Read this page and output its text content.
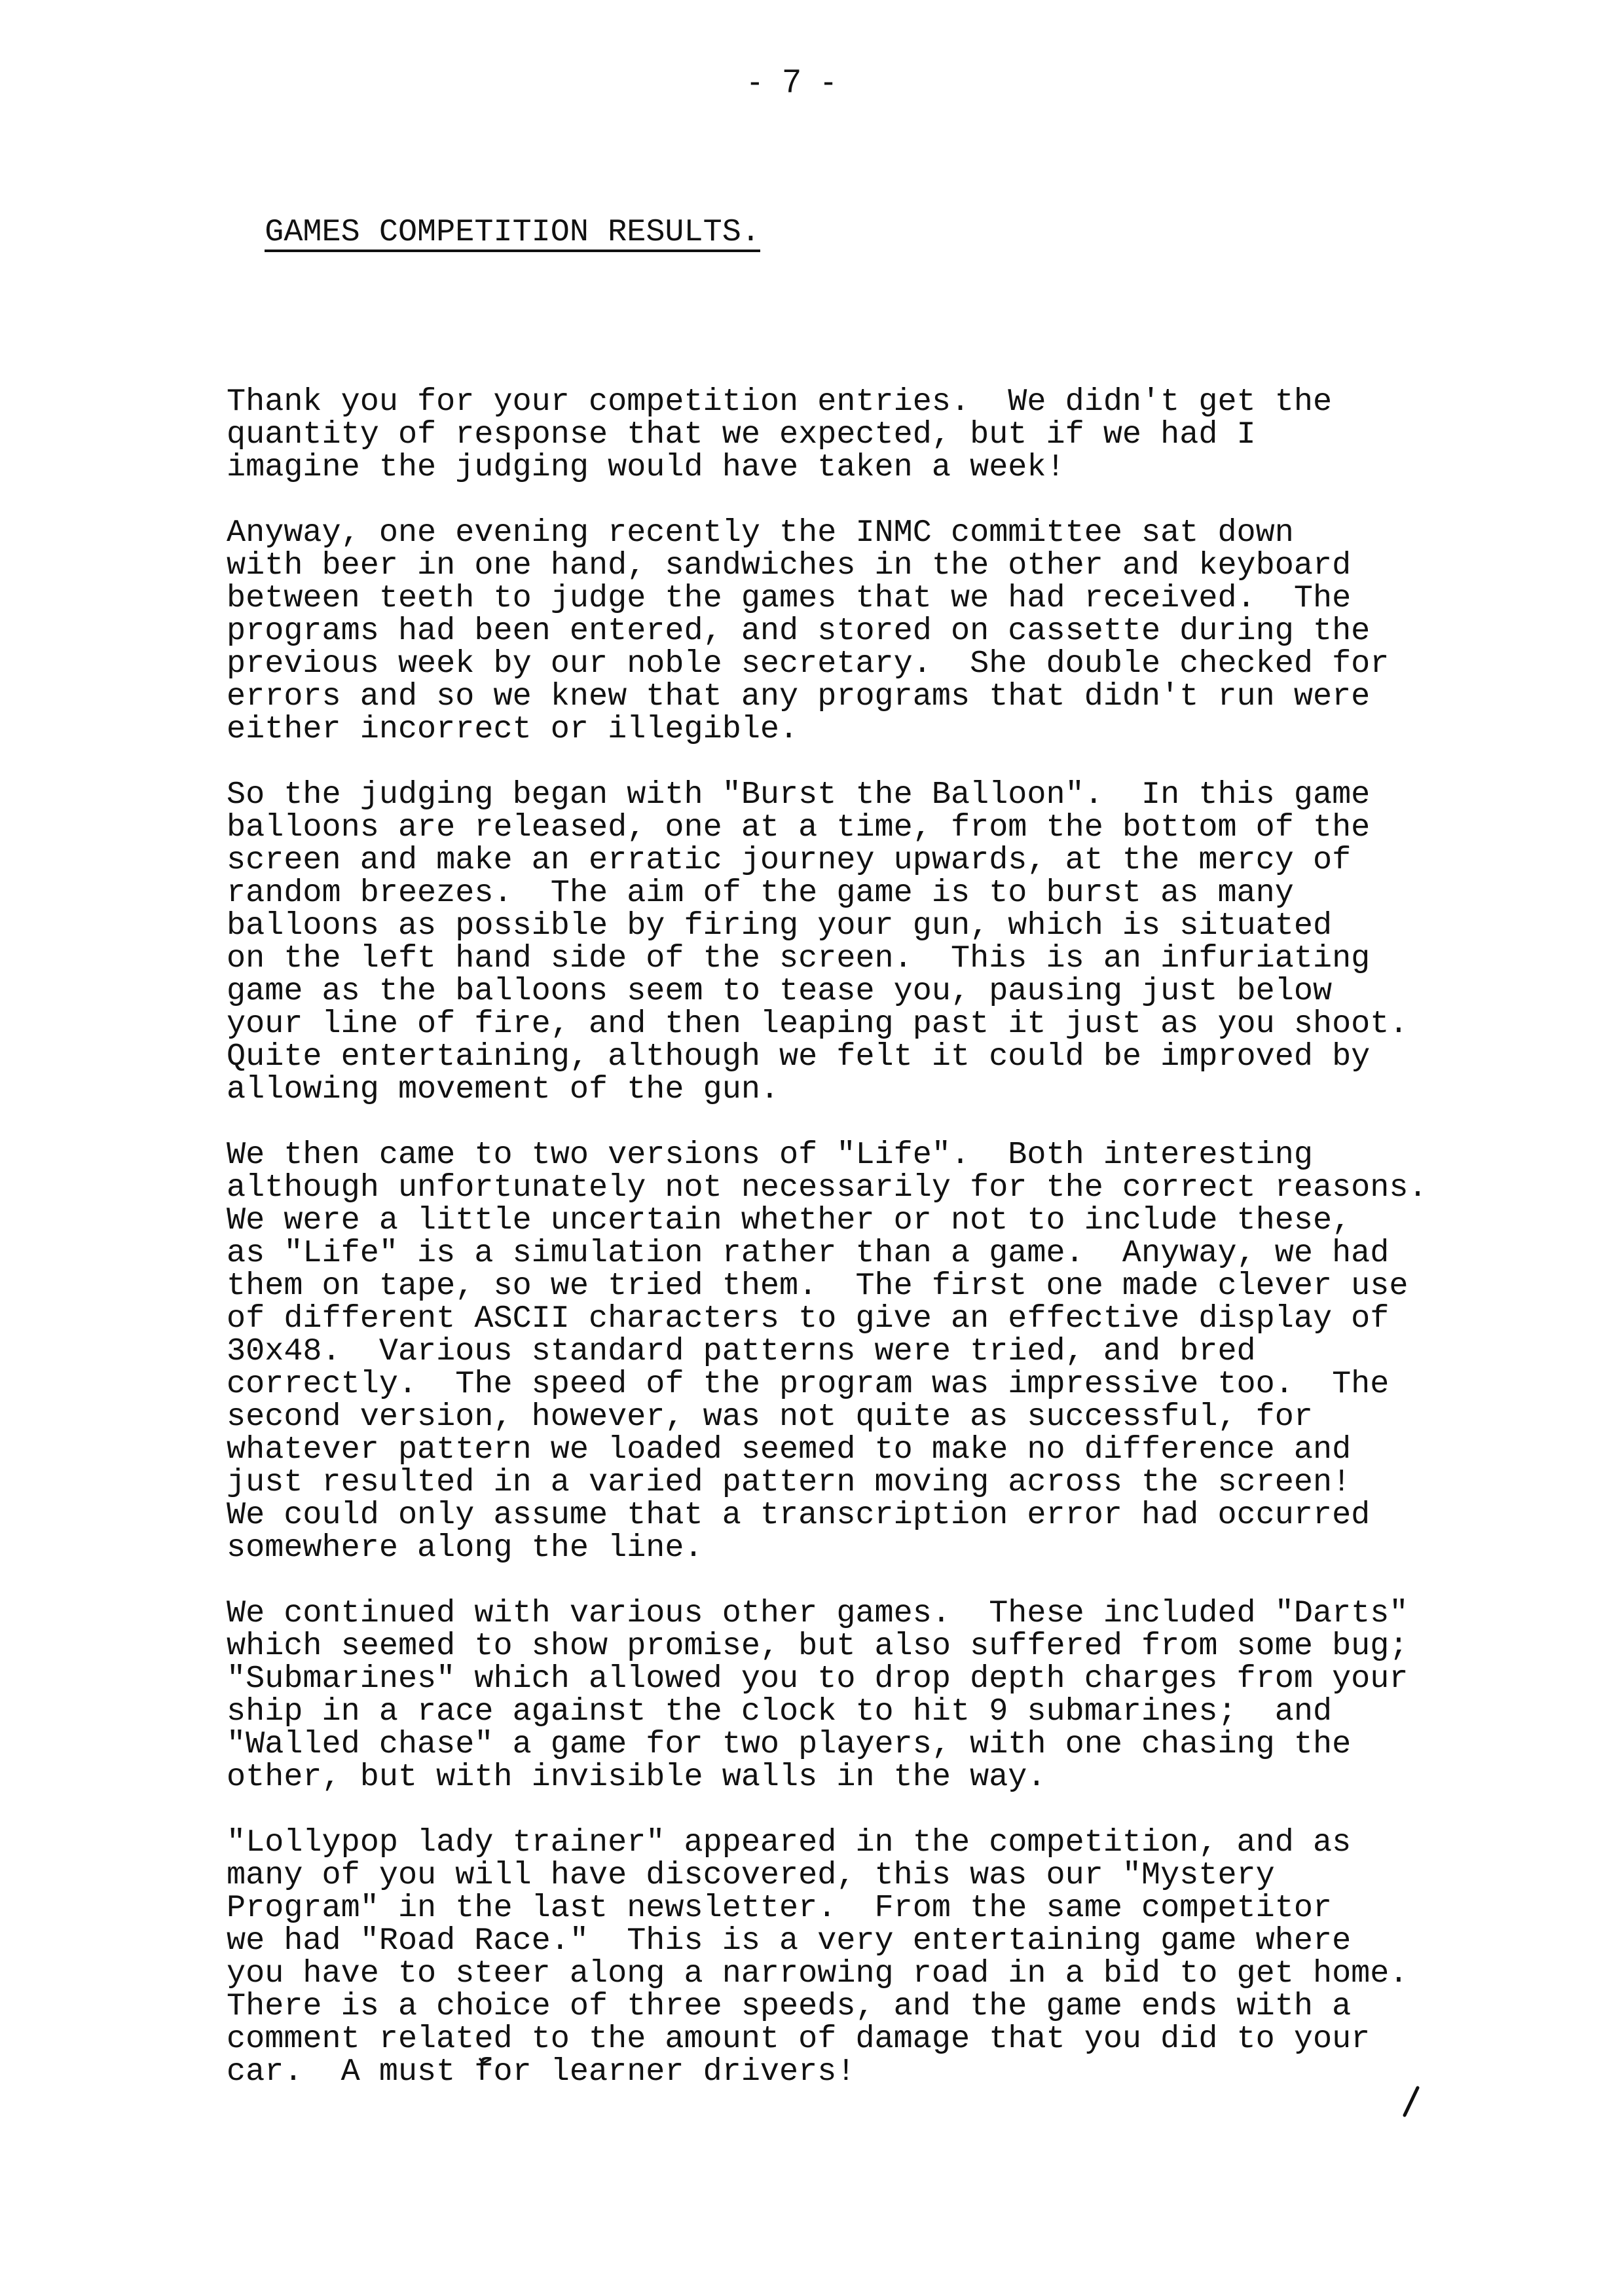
- 7 -

GAMES COMPETITION RESULTS.

Thank you for your competition entries.  We didn't get the
quantity of response that we expected, but if we had I
imagine the judging would have taken a week!
Anyway, one evening recently the INMC committee sat down
with beer in one hand, sandwiches in the other and keyboard
between teeth to judge the games that we had received.  The
programs had been entered, and stored on cassette during the
previous week by our noble secretary.  She double checked for
errors and so we knew that any programs that didn't run were
either incorrect or illegible.
So the judging began with "Burst the Balloon".  In this game
balloons are released, one at a time, from the bottom of the
screen and make an erratic journey upwards, at the mercy of
random breezes.  The aim of the game is to burst as many
balloons as possible by firing your gun, which is situated
on the left hand side of the screen.  This is an infuriating
game as the balloons seem to tease you, pausing just below
your line of fire, and then leaping past it just as you shoot.
Quite entertaining, although we felt it could be improved by
allowing movement of the gun.
We then came to two versions of "Life".  Both interesting
although unfortunately not necessarily for the correct reasons.
We were a little uncertain whether or not to include these,
as "Life" is a simulation rather than a game.  Anyway, we had
them on tape, so we tried them.  The first one made clever use
of different ASCII characters to give an effective display of
30x48.  Various standard patterns were tried, and bred
correctly.  The speed of the program was impressive too.  The
second version, however, was not quite as successful, for
whatever pattern we loaded seemed to make no difference and
just resulted in a varied pattern moving across the screen!
We could only assume that a transcription error had occurred
somewhere along the line.
We continued with various other games.  These included "Darts"
which seemed to show promise, but also suffered from some bug;
"Submarines" which allowed you to drop depth charges from your
ship in a race against the clock to hit 9 submarines;  and
"Walled chase" a game for two players, with one chasing the
other, but with invisible walls in the way.
"Lollypop lady trainer" appeared in the competition, and as
many of you will have discovered, this was our "Mystery
Program" in the last newsletter.  From the same competitor
we had "Road Race."  This is a very entertaining game where
you have to steer along a narrowing road in a bid to get home.
There is a choice of three speeds, and the game ends with a
comment related to the amount of damage that you did to your
car.  A must for learner drivers!
